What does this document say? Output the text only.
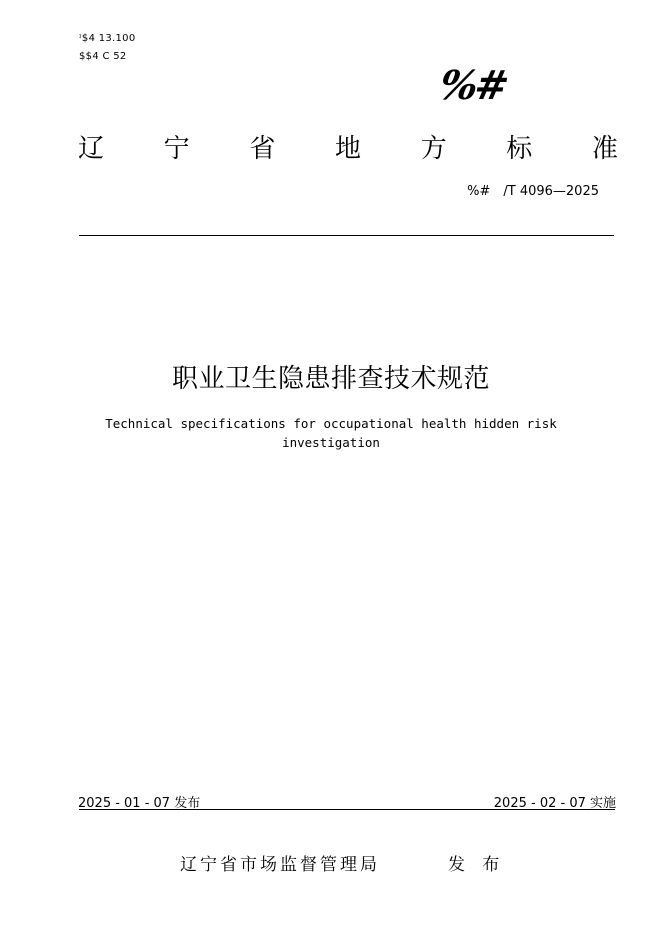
ᶦ$4 13.100
$$4 C 52
%#
辽 宁 省 地 方 标 准
%#　/T 4096—2025
职业卫生隐患排查技术规范
Technical specifications for occupational health hidden risk investigation
2025 - 01 - 07 发布	2025 - 02 - 07 实施
辽宁省市场监督管理局	发 布
